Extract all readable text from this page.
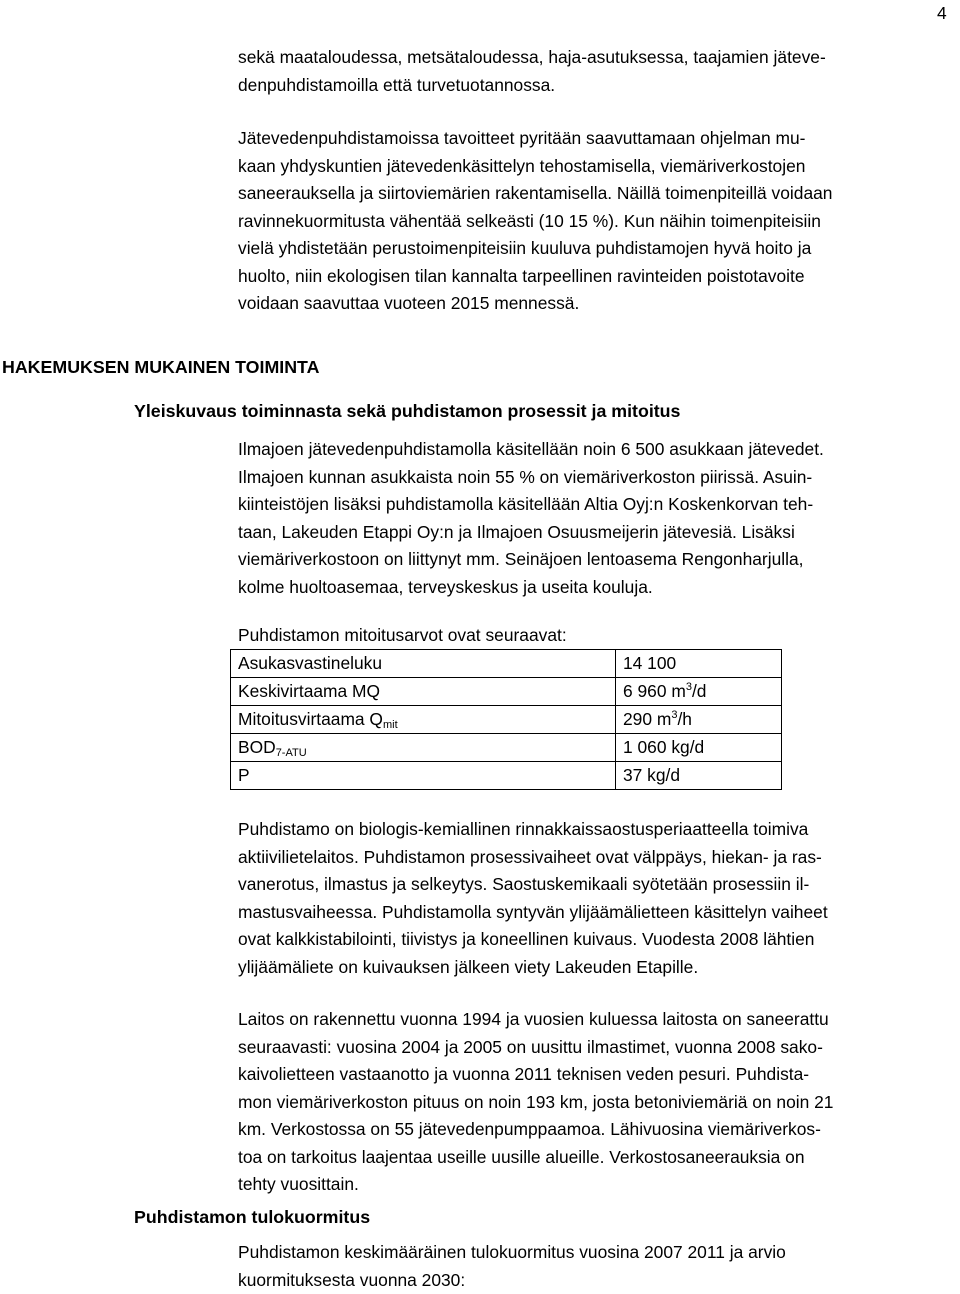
4
sekä maataloudessa, metsätaloudessa, haja-asutuksessa, taajamien jäteve-
denpuhdistamoilla että turvetuotannossa.
Jätevedenpuhdistamoissa tavoitteet pyritään saavuttamaan ohjelman mu-
kaan yhdyskuntien jätevedenkäsittelyn tehostamisella, viemäriverkostojen
saneerauksella ja siirtoviemärien rakentamisella. Näillä toimenpiteillä voidaan
ravinnekuormitusta vähentää selkeästi (10 15 %). Kun näihin toimenpiteisiin
vielä yhdistetään perustoimenpiteisiin kuuluva puhdistamojen hyvä hoito ja
huolto, niin ekologisen tilan kannalta tarpeellinen ravinteiden poistotavoite
voidaan saavuttaa vuoteen 2015 mennessä.
HAKEMUKSEN MUKAINEN TOIMINTA
Yleiskuvaus toiminnasta sekä puhdistamon prosessit ja mitoitus
Ilmajoen jätevedenpuhdistamolla käsitellään noin 6 500 asukkaan jätevedet.
Ilmajoen kunnan asukkaista noin 55 % on viemäriverkoston piirissä. Asuin-
kiinteistöjen lisäksi puhdistamolla käsitellään Altia Oyj:n Koskenkorvan teh-
taan, Lakeuden Etappi Oy:n ja Ilmajoen Osuusmeijerin jätevesiä. Lisäksi
viemäriverkostoon on liittynyt mm. Seinäjoen lentoasema Rengonharjulla,
kolme huoltoasemaa, terveyskeskus ja useita kouluja.
Puhdistamon mitoitusarvot ovat seuraavat:
Asukasvastineluku	14 100
Keskivirtaama MQ	6 960 $m^3/d$
Mitoitusvirtaama $Q_{mit}$	290 $m^3/h$
$BOD_{7-ATU}$	1 060 kg/d
P	37 kg/d
Puhdistamo on biologis-kemiallinen rinnakkaissaostusperiaatteella toimiva
aktiivilietelaitos. Puhdistamon prosessivaiheet ovat välppäys, hiekan- ja ras-
vanerotus, ilmastus ja selkeytys. Saostuskemikaali syötetään prosessiin il-
mastusvaiheessa. Puhdistamolla syntyvän ylijäämälietteen käsittelyn vaiheet
ovat kalkkistabilointi, tiivistys ja koneellinen kuivaus. Vuodesta 2008 lähtien
ylijäämäliete on kuivauksen jälkeen viety Lakeuden Etapille.
Laitos on rakennettu vuonna 1994 ja vuosien kuluessa laitosta on saneerattu
seuraavasti: vuosina 2004 ja 2005 on uusittu ilmastimet, vuonna 2008 sako-
kaivolietteen vastaanotto ja vuonna 2011 teknisen veden pesuri. Puhdista-
mon viemäriverkoston pituus on noin 193 km, josta betoniviemäriä on noin 21
km. Verkostossa on 55 jätevedenpumppaamoa. Lähivuosina viemäriverkos-
toa on tarkoitus laajentaa useille uusille alueille. Verkostosaneerauksia on
tehty vuosittain.
Puhdistamon tulokuormitus
Puhdistamon keskimääräinen tulokuormitus vuosina 2007 2011 ja arvio
kuormituksesta vuonna 2030:
